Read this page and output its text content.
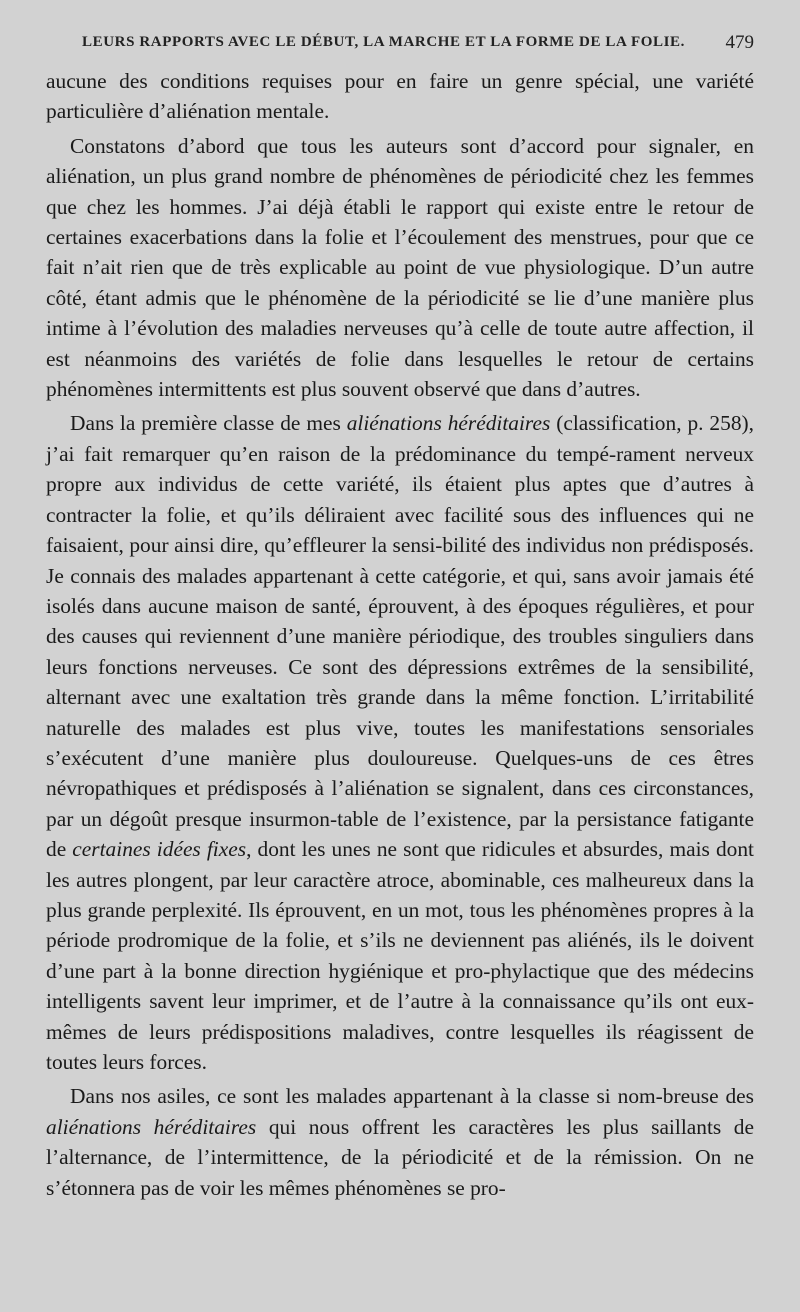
LEURS RAPPORTS AVEC LE DÉBUT, LA MARCHE ET LA FORME DE LA FOLIE. 479

aucune des conditions requises pour en faire un genre spécial, une variété particulière d’aliénation mentale.

Constatons d’abord que tous les auteurs sont d’accord pour signaler, en aliénation, un plus grand nombre de phénomènes de périodicité chez les femmes que chez les hommes. J’ai déjà établi le rapport qui existe entre le retour de certaines exacerbations dans la folie et l’écoulement des menstrues, pour que ce fait n’ait rien que de très explicable au point de vue physiologique. D’un autre côté, étant admis que le phénomène de la périodicité se lie d’une manière plus intime à l’évolution des maladies nerveuses qu’à celle de toute autre affection, il est néanmoins des variétés de folie dans lesquelles le retour de certains phénomènes intermittents est plus souvent observé que dans d’autres.

Dans la première classe de mes aliénations héréditaires (classification, p. 258), j’ai fait remarquer qu’en raison de la prédominance du tempé-rament nerveux propre aux individus de cette variété, ils étaient plus aptes que d’autres à contracter la folie, et qu’ils déliraient avec facilité sous des influences qui ne faisaient, pour ainsi dire, qu’effleurer la sensi-bilité des individus non prédisposés. Je connais des malades appartenant à cette catégorie, et qui, sans avoir jamais été isolés dans aucune maison de santé, éprouvent, à des époques régulières, et pour des causes qui reviennent d’une manière périodique, des troubles singuliers dans leurs fonctions nerveuses. Ce sont des dépressions extrêmes de la sensibilité, alternant avec une exaltation très grande dans la même fonction. L’irritabilité naturelle des malades est plus vive, toutes les manifestations sensoriales s’exécutent d’une manière plus douloureuse. Quelques-uns de ces êtres névropathiques et prédisposés à l’aliénation se signalent, dans ces circonstances, par un dégoût presque insurmon-table de l’existence, par la persistance fatigante de certaines idées fixes, dont les unes ne sont que ridicules et absurdes, mais dont les autres plongent, par leur caractère atroce, abominable, ces malheureux dans la plus grande perplexité. Ils éprouvent, en un mot, tous les phénomènes propres à la période prodromique de la folie, et s’ils ne deviennent pas aliénés, ils le doivent d’une part à la bonne direction hygiénique et pro-phylactique que des médecins intelligents savent leur imprimer, et de l’autre à la connaissance qu’ils ont eux-mêmes de leurs prédispositions maladives, contre lesquelles ils réagissent de toutes leurs forces.

Dans nos asiles, ce sont les malades appartenant à la classe si nom-breuse des aliénations héréditaires qui nous offrent les caractères les plus saillants de l’alternance, de l’intermittence, de la périodicité et de la rémission. On ne s’étonnera pas de voir les mêmes phénomènes se pro-
